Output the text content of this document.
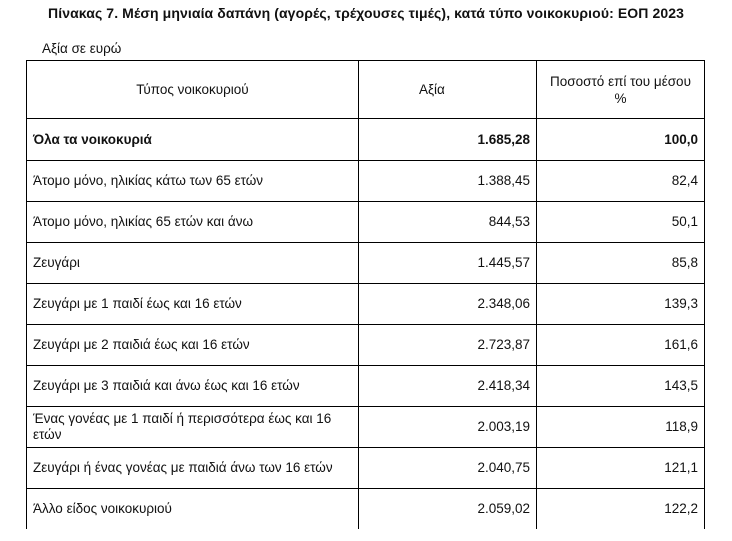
Πίνακας 7. Μέση μηνιαία δαπάνη (αγορές, τρέχουσες τιμές), κατά τύπο νοικοκυριού: ΕΟΠ 2023
Αξία σε ευρώ
Τύπος νοικοκυριού	Αξία	Ποσοστό επί του μέσου
%

Όλα τα νοικοκυριά	1.685,28	100,0
Άτομο μόνο, ηλικίας κάτω των 65 ετών	1.388,45	82,4
Άτομο μόνο, ηλικίας 65 ετών και άνω	844,53	50,1
Ζευγάρι	1.445,57	85,8
Ζευγάρι με 1 παιδί έως και 16 ετών	2.348,06	139,3
Ζευγάρι με 2 παιδιά έως και 16 ετών	2.723,87	161,6
Ζευγάρι με 3 παιδιά και άνω έως και 16 ετών	2.418,34	143,5
Ένας γονέας με 1 παιδί ή περισσότερα έως και 16 ετών	2.003,19	118,9
Ζευγάρι ή ένας γονέας με παιδιά άνω των 16 ετών	2.040,75	121,1
Άλλο είδος νοικοκυριού	2.059,02	122,2
